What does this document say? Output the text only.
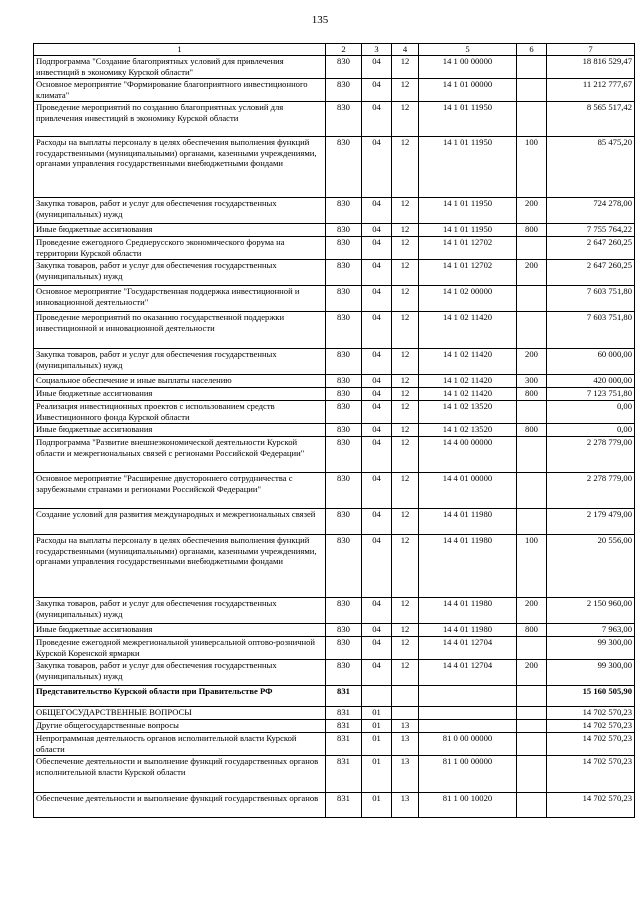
135
1	2	3	4	5	6	7
Подпрограмма "Создание благоприятных условий для привлечения инвестиций в экономику Курской области"	830	04	12	14 1 00 00000		18 816 529,47
Основное мероприятие "Формирование благоприятного инвестиционного климата"	830	04	12	14 1 01 00000		11 212 777,67
Проведение мероприятий по созданию благоприятных условий для привлечения инвестиций в экономику Курской области	830	04	12	14 1 01 11950		8 565 517,42
Расходы на выплаты персоналу в целях обеспечения выполнения функций государственными (муниципальными) органами, казенными учреждениями, органами управления государственными внебюджетными фондами	830	04	12	14 1 01 11950	100	85 475,20
Закупка товаров, работ и услуг для обеспечения государственных (муниципальных) нужд	830	04	12	14 1 01 11950	200	724 278,00
Иные бюджетные ассигнования	830	04	12	14 1 01 11950	800	7 755 764,22
Проведение ежегодного Среднерусского экономического форума на территории Курской области	830	04	12	14 1 01 12702		2 647 260,25
Закупка товаров, работ и услуг для обеспечения государственных (муниципальных) нужд	830	04	12	14 1 01 12702	200	2 647 260,25
Основное мероприятие "Государственная поддержка инвестиционной и инновационной деятельности"	830	04	12	14 1 02 00000		7 603 751,80
Проведение мероприятий по оказанию государственной поддержки инвестиционной и инновационной деятельности	830	04	12	14 1 02 11420		7 603 751,80
Закупка товаров, работ и услуг для обеспечения государственных (муниципальных) нужд	830	04	12	14 1 02 11420	200	60 000,00
Социальное обеспечение и иные выплаты населению	830	04	12	14 1 02 11420	300	420 000,00
Иные бюджетные ассигнования	830	04	12	14 1 02 11420	800	7 123 751,80
Реализация инвестиционных проектов с использованием средств Инвестиционного фонда Курской области	830	04	12	14 1 02 13520		0,00
Иные бюджетные ассигнования	830	04	12	14 1 02 13520	800	0,00
Подпрограмма "Развитие внешнеэкономической деятельности Курской области и межрегиональных связей с регионами Российской Федерации"	830	04	12	14 4 00 00000		2 278 779,00
Основное мероприятие "Расширение двустороннего сотрудничества с зарубежными странами и регионами Российской Федерации"	830	04	12	14 4 01 00000		2 278 779,00
Создание условий для развития международных и межрегиональных связей	830	04	12	14 4 01 11980		2 179 479,00
Расходы на выплаты персоналу в целях обеспечения выполнения функций государственными (муниципальными) органами, казенными учреждениями, органами управления государственными внебюджетными фондами	830	04	12	14 4 01 11980	100	20 556,00
Закупка товаров, работ и услуг для обеспечения государственных (муниципальных) нужд	830	04	12	14 4 01 11980	200	2 150 960,00
Иные бюджетные ассигнования	830	04	12	14 4 01 11980	800	7 963,00
Проведение ежегодной межрегиональной универсальной оптово-розничной Курской Коренской ярмарки	830	04	12	14 4 01 12704		99 300,00
Закупка товаров, работ и услуг для обеспечения государственных (муниципальных) нужд	830	04	12	14 4 01 12704	200	99 300,00
Представительство Курской области при Правительстве РФ	831					15 160 505,90
ОБЩЕГОСУДАРСТВЕННЫЕ ВОПРОСЫ	831	01				14 702 570,23
Другие общегосударственные вопросы	831	01	13			14 702 570,23
Непрограммная деятельность органов исполнительной власти Курской области	831	01	13	81 0 00 00000		14 702 570,23
Обеспечение деятельности и выполнение функций государственных органов исполнительной власти Курской области	831	01	13	81 1 00 00000		14 702 570,23
Обеспечение деятельности и выполнение функций государственных органов	831	01	13	81 1 00 10020		14 702 570,23
